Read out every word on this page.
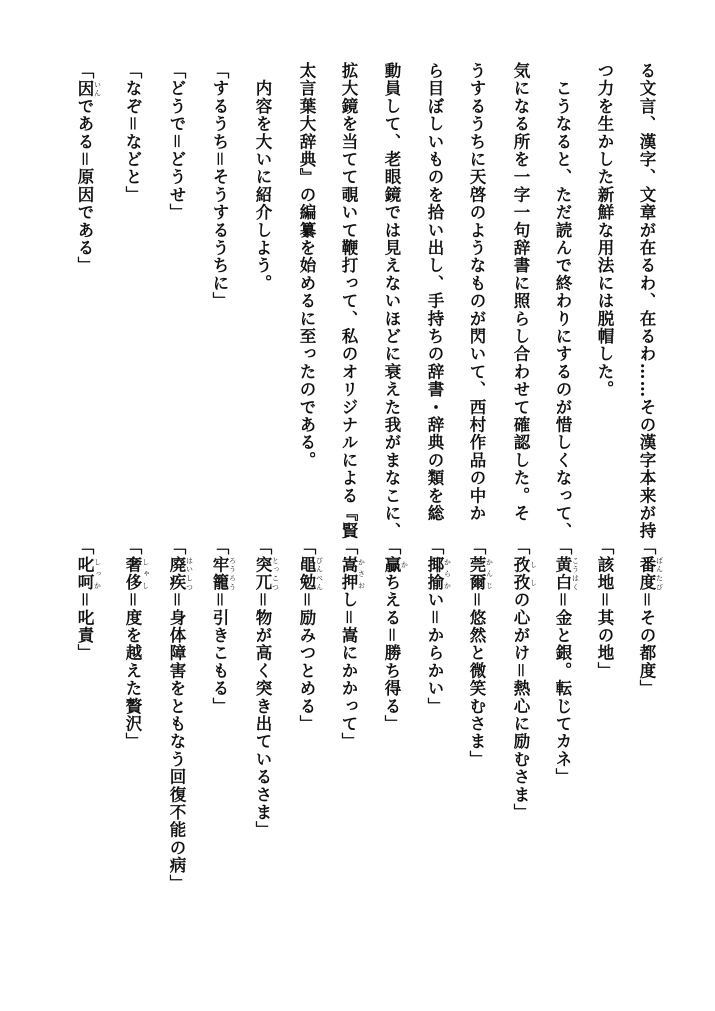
る文言、漢字、文章が在るわ、在るわ……その漢字本来が持
つ力を生かした新鮮な用法には脱帽した。
　こうなると、ただ読んで終わりにするのが惜しくなって、
気になる所を一字一句辞書に照らし合わせて確認した。そ
うするうちに天啓のようなものが閃いて、西村作品の中か
ら目ぼしいものを拾い出し、手持ちの辞書・辞典の類を総
動員して、老眼鏡では見えないほどに衰えた我がまなこに、
拡大鏡を当てて覗いて鞭打って、私のオリジナルによる『賢
太言葉大辞典』の編纂を始めるに至ったのである。
　内容を大いに紹介しよう。
「するうち＝そうするうちに」
「どうで＝どうせ」
「なぞ＝などと」
「因 いんである＝原因である」
「番度 ばんたび＝その都度」
「該地＝其の地」
「黄白 こうはく＝金と銀。転じてカネ」
「孜孜 ししの心がけ＝熱心に励むさま」
「莞爾 かんじ＝悠然と微笑むさま」
「揶揄 からかい＝からかい」
「贏 かちえる＝勝ち得る」
「嵩押 かさおし＝嵩にかかって」
「黽勉 びんべん＝励みつとめる」
「突兀 とっこつ＝物が高く突き出ているさま」
「牢籠 ろうろう＝引きこもる」
「廃疾 はいしつ＝身体障害をともなう回復不能の病」
「奢侈 しゃし＝度を越えた贅沢」
「叱呵 しっか＝叱責」
